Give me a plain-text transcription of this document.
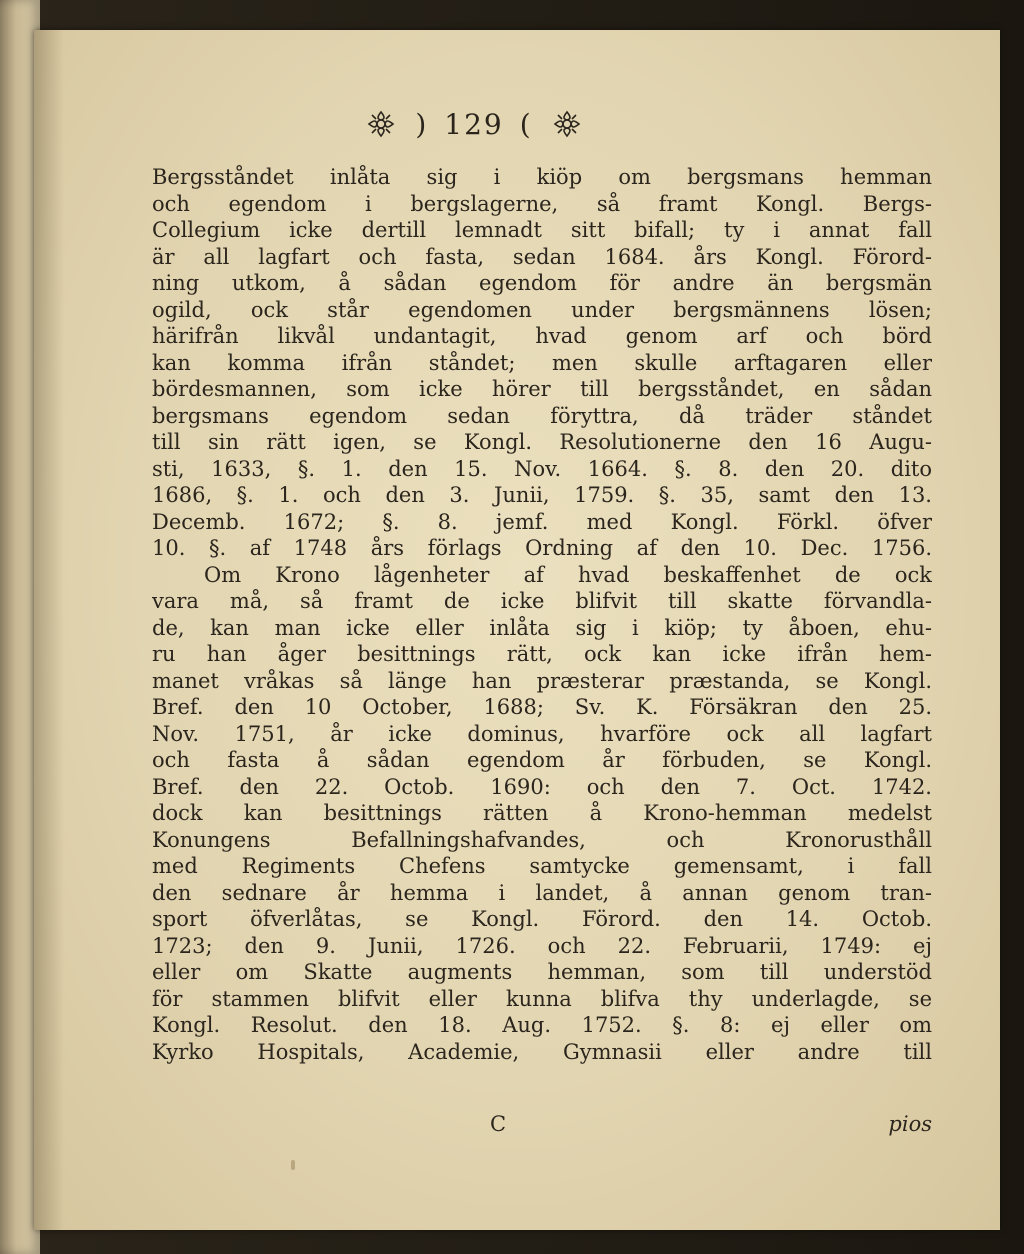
) 129 (
Bergsståndet inlåta sig i kiöp om bergsmans hemman
och egendom i bergslagerne, så framt Kongl. Bergs-
Collegium icke dertill lemnadt sitt bifall; ty i annat fall
är all lagfart och fasta, sedan 1684. års Kongl. Förord-
ning utkom, å sådan egendom för andre än bergsmän
ogild, ock står egendomen under bergsmännens lösen;
härifrån likvål undantagit, hvad genom arf och börd
kan komma ifrån ståndet; men skulle arftagaren eller
bördesmannen, som icke hörer till bergsståndet, en sådan
bergsmans egendom sedan föryttra, då träder ståndet
till sin rätt igen, se Kongl. Resolutionerne den 16 Augu-
sti, 1633, §. 1. den 15. Nov. 1664. §. 8. den 20. dito
1686, §. 1. och den 3. Junii, 1759. §. 35, samt den 13.
Decemb. 1672; §. 8. jemf. med Kongl. Förkl. öfver
10. §. af 1748 års förlags Ordning af den 10. Dec. 1756.
Om Krono lågenheter af hvad beskaffenhet de ock
vara må, så framt de icke blifvit till skatte förvandla-
de, kan man icke eller inlåta sig i kiöp; ty åboen, ehu-
ru han åger besittnings rätt, ock kan icke ifrån hem-
manet vråkas så länge han præsterar præstanda, se Kongl.
Bref. den 10 October, 1688; Sv. K. Försäkran den 25.
Nov. 1751, år icke dominus, hvarföre ock all lagfart
och fasta å sådan egendom år förbuden, se Kongl.
Bref. den 22. Octob. 1690: och den 7. Oct. 1742.
dock kan besittnings rätten å Krono-hemman medelst
Konungens Befallningshafvandes, och Kronorusthåll
med Regiments Chefens samtycke gemensamt, i fall
den sednare år hemma i landet, å annan genom tran-
sport öfverlåtas, se Kongl. Förord. den 14. Octob.
1723; den 9. Junii, 1726. och 22. Februarii, 1749: ej
eller om Skatte augments hemman, som till understöd
för stammen blifvit eller kunna blifva thy underlagde, se
Kongl. Resolut. den 18. Aug. 1752. §. 8: ej eller om
Kyrko Hospitals, Academie, Gymnasii eller andre till
C	pios
